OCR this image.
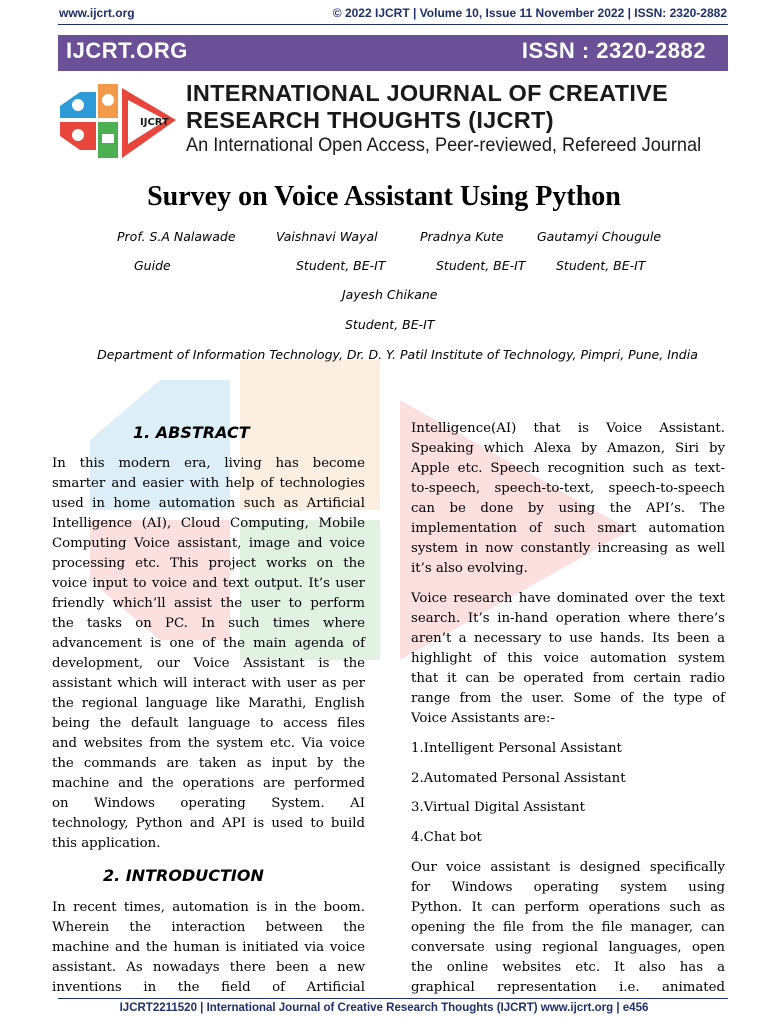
www.ijcrt.org	© 2022 IJCRT | Volume 10, Issue 11 November 2022 | ISSN: 2320-2882
IJCRT.ORG	ISSN : 2320-2882
IJCRT
INTERNATIONAL JOURNAL OF CREATIVE
RESEARCH THOUGHTS (IJCRT)
An International Open Access, Peer-reviewed, Refereed Journal
Survey on Voice Assistant Using Python
Prof. S.A Nalawade	Vaishnavi Wayal	Pradnya Kute	Gautamyi Chougule
Guide	Student, BE-IT	Student, BE-IT Student, BE-IT
Jayesh Chikane
Student, BE-IT
Department of Information Technology, Dr. D. Y. Patil Institute of Technology, Pimpri, Pune, India
1. ABSTRACT

In this modern era, living has become

smarter and easier with help of technologies

used in home automation such as Artificial

Intelligence (AI), Cloud Computing, Mobile

Computing Voice assistant, image and voice

processing etc. This project works on the

voice input to voice and text output. It’s user

friendly which’ll assist the user to perform

the tasks on PC. In such times where

advancement is one of the main agenda of

development, our Voice Assistant is the

assistant which will interact with user as per

the regional language like Marathi, English

being the default language to access files

and websites from the system etc. Via voice

the commands are taken as input by the

machine and the operations are performed

on Windows operating System. AI

technology, Python and API is used to build

this application.

2. INTRODUCTION

In recent times, automation is in the boom.

Wherein the interaction between the

machine and the human is initiated via voice

assistant. As nowadays there been a new

inventions in the field of Artificial

Intelligence(AI) that is Voice Assistant.

Speaking which Alexa by Amazon, Siri by

Apple etc. Speech recognition such as text-

to-speech, speech-to-text, speech-to-speech

can be done by using the API’s. The

implementation of such smart automation

system in now constantly increasing as well

it’s also evolving.

Voice research have dominated over the text

search. It’s in-hand operation where there’s

aren’t a necessary to use hands. Its been a

highlight of this voice automation system

that it can be operated from certain radio

range from the user. Some of the type of

Voice Assistants are:-

1.Intelligent Personal Assistant

2.Automated Personal Assistant

3.Virtual Digital Assistant

4.Chat bot

Our voice assistant is designed specifically

for Windows operating system using

Python. It can perform operations such as

opening the file from the file manager, can

conversate using regional languages, open

the online websites etc. It also has a

graphical representation i.e. animated

IJCRT2211520 | International Journal of Creative Research Thoughts (IJCRT) www.ijcrt.org | e456
